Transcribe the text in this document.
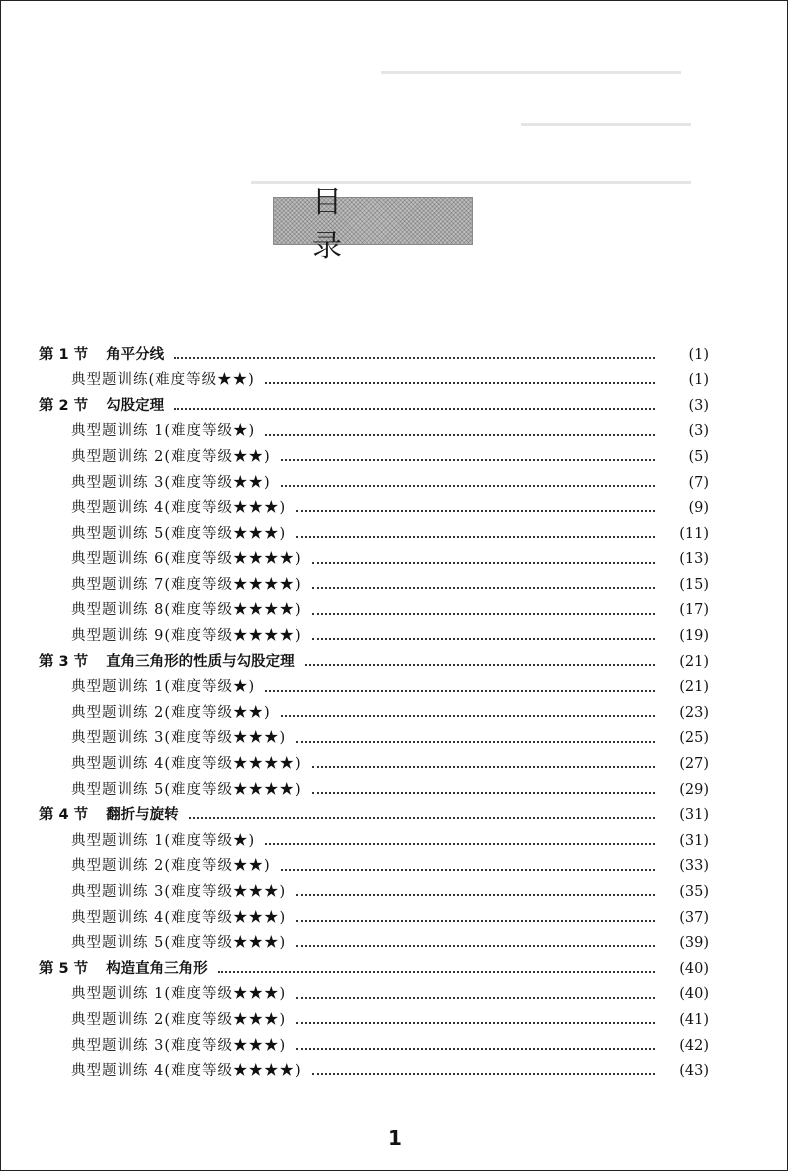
目 录
第 1 节 角平分线	(1)
典型题训练(难度等级★★)	(1)
第 2 节 勾股定理	(3)
典型题训练 1(难度等级★)	(3)
典型题训练 2(难度等级★★)	(5)
典型题训练 3(难度等级★★)	(7)
典型题训练 4(难度等级★★★)	(9)
典型题训练 5(难度等级★★★)	(11)
典型题训练 6(难度等级★★★★)	(13)
典型题训练 7(难度等级★★★★)	(15)
典型题训练 8(难度等级★★★★)	(17)
典型题训练 9(难度等级★★★★)	(19)
第 3 节 直角三角形的性质与勾股定理	(21)
典型题训练 1(难度等级★)	(21)
典型题训练 2(难度等级★★)	(23)
典型题训练 3(难度等级★★★)	(25)
典型题训练 4(难度等级★★★★)	(27)
典型题训练 5(难度等级★★★★)	(29)
第 4 节 翻折与旋转	(31)
典型题训练 1(难度等级★)	(31)
典型题训练 2(难度等级★★)	(33)
典型题训练 3(难度等级★★★)	(35)
典型题训练 4(难度等级★★★)	(37)
典型题训练 5(难度等级★★★)	(39)
第 5 节 构造直角三角形	(40)
典型题训练 1(难度等级★★★)	(40)
典型题训练 2(难度等级★★★)	(41)
典型题训练 3(难度等级★★★)	(42)
典型题训练 4(难度等级★★★★)	(43)
1
